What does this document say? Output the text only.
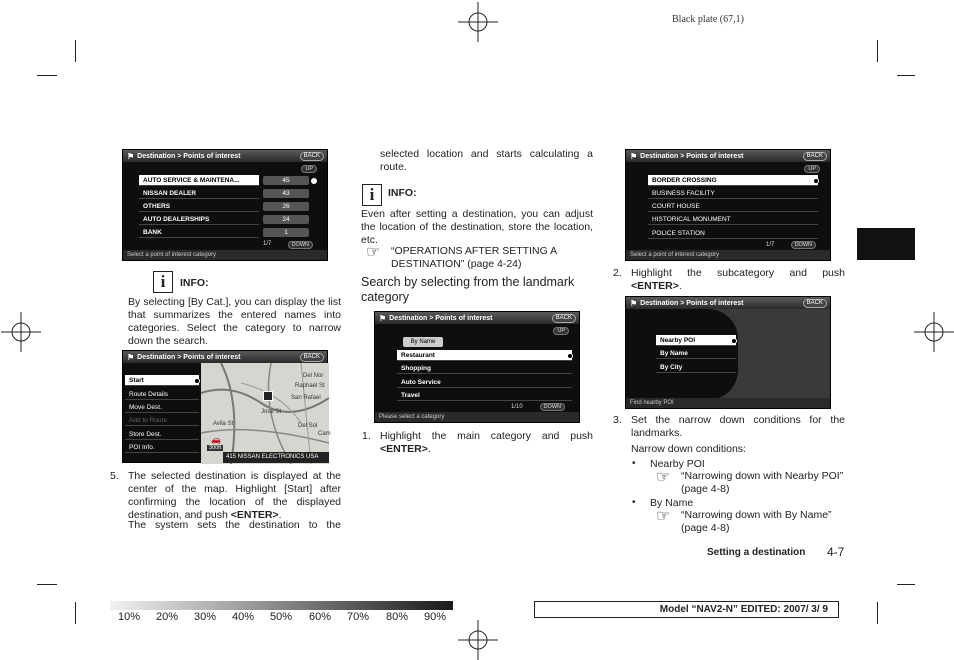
Black plate (67,1)
⚑ Destination > Points of interest	BACK
UP
AUTO SERVICE & MAINTENA...	45
NISSAN DEALER	43
OTHERS	26
AUTO DEALERSHIPS	24
BANK	1
1/7	DOWN
Select a point of interest category
i	INFO:
By selecting [By Cat.], you can display the list that summarizes the entered names into categories. Select the category to narrow down the search.
⚑ Destination > Points of interest	BACK
Raphael St
Jose St
Del Nor
San Rafael
Avila St	Del Sol
Cam
300ft
🚗
415 NISSAN ELECTRONICS USA
Start
Route Details
Move Dest.
Add to Route
Store Dest.
POI Info.
5. The selected destination is displayed at the center of the map. Highlight [Start] after confirming the location of the displayed destination, and push <ENTER>.
The system sets the destination to the
selected location and starts calculating a route.
i	INFO:
Even after setting a destination, you can adjust the location of the destination, store the location, etc.
☞ “OPERATIONS AFTER SETTING A DESTINATION” (page 4-24)
Search by selecting from the landmark category
⚑ Destination > Points of interest	BACK
UP
By Name
Restaurant
Shopping
Auto Service
Travel
1/10	DOWN
Please select a category
1. Highlight the main category and push <ENTER>.
⚑ Destination > Points of interest	BACK
UP
BORDER CROSSING
BUSINESS FACILITY
COURT HOUSE
HISTORICAL MONUMENT
POLICE STATION
1/7	DOWN
Select a point of interest category
2. Highlight the subcategory and push <ENTER>.
⚑ Destination > Points of interest	BACK
Nearby POI
By Name
By City
Find nearby POI
3. Set the narrow down conditions for the landmarks.
Narrow down conditions:
• Nearby POI
☞ “Narrowing down with Nearby POI” (page 4-8)
• By Name
☞ “Narrowing down with By Name” (page 4-8)
Setting a destination 4-7
10% 20% 30% 40% 50% 60% 70% 80% 90%
Model “NAV2-N” EDITED: 2007/ 3/ 9
